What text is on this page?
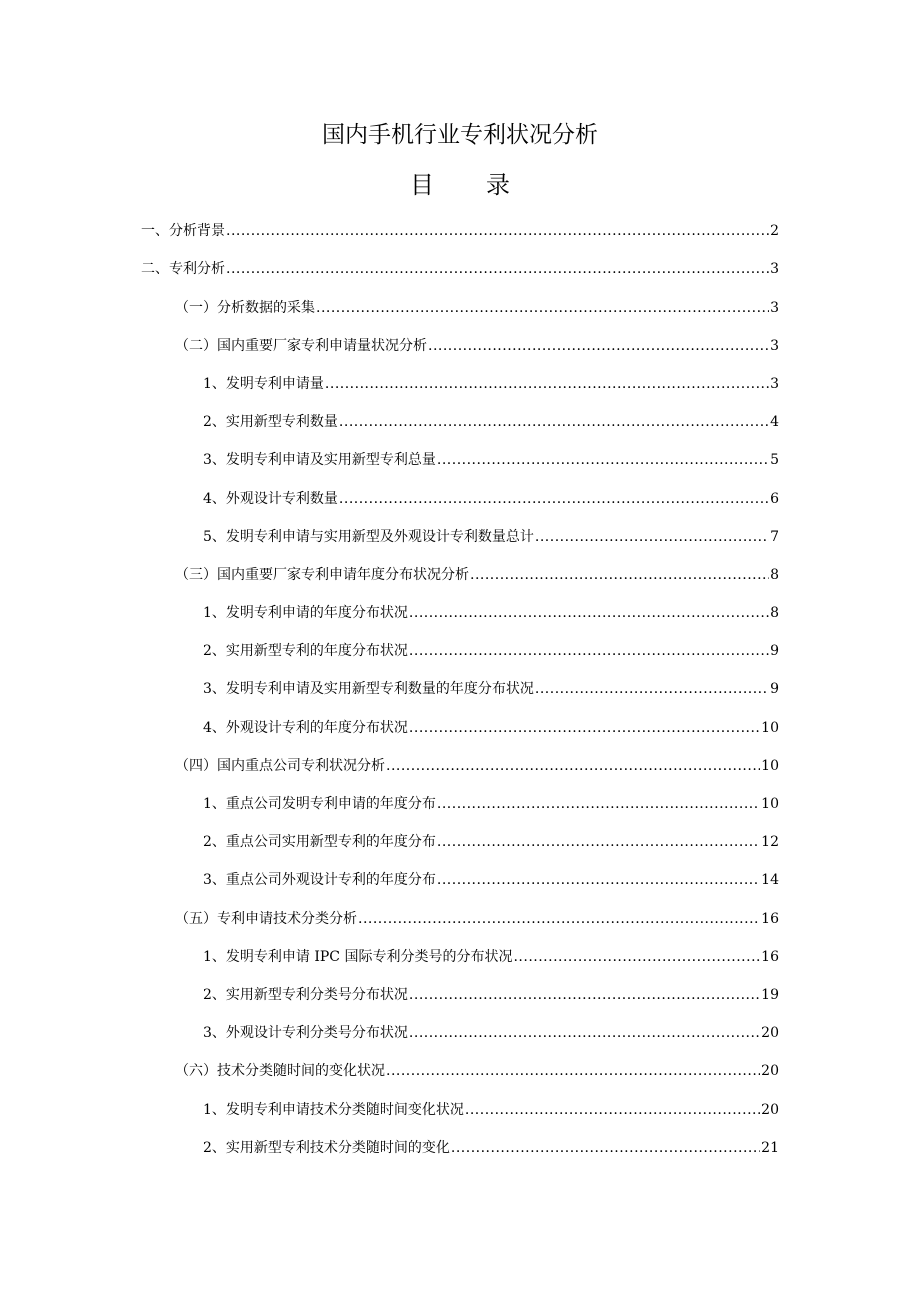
国内手机行业专利状况分析
目 录
一、分析背景 .....	2
二、专利分析 .....	3
（一）分析数据的采集 .....	3
（二）国内重要厂家专利申请量状况分析 .....	3
1、发明专利申请量 .....	3
2、实用新型专利数量 .....	4
3、发明专利申请及实用新型专利总量 .....	5
4、外观设计专利数量 .....	6
5、发明专利申请与实用新型及外观设计专利数量总计 .....	7
（三）国内重要厂家专利申请年度分布状况分析 .....	8
1、发明专利申请的年度分布状况 .....	8
2、实用新型专利的年度分布状况 .....	9
3、发明专利申请及实用新型专利数量的年度分布状况 .....	9
4、外观设计专利的年度分布状况 .....	10
（四）国内重点公司专利状况分析 .....	10
1、重点公司发明专利申请的年度分布 .....	10
2、重点公司实用新型专利的年度分布 .....	12
3、重点公司外观设计专利的年度分布 .....	14
（五）专利申请技术分类分析 .....	16
1、发明专利申请 IPC 国际专利分类号的分布状况 .....	16
2、实用新型专利分类号分布状况 .....	19
3、外观设计专利分类号分布状况 .....	20
（六）技术分类随时间的变化状况 .....	20
1、发明专利申请技术分类随时间变化状况 .....	20
2、实用新型专利技术分类随时间的变化 .....	21
